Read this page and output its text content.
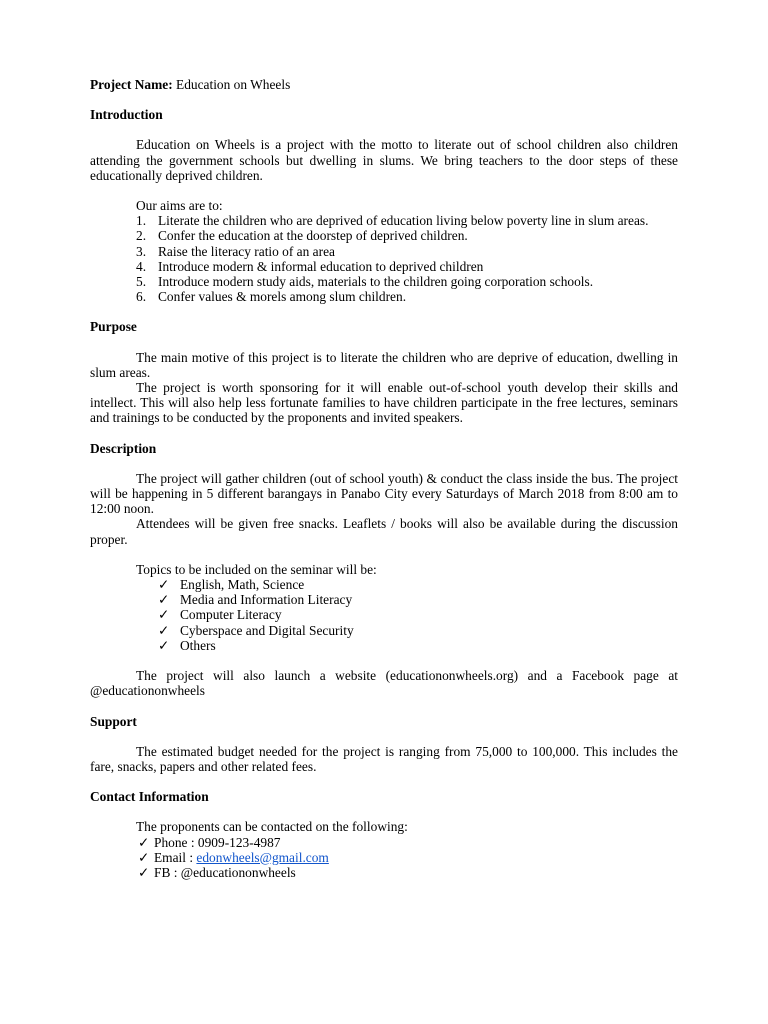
Project Name: Education on Wheels

Introduction

Education on Wheels is a project with the motto to literate out of school children also children attending the government schools but dwelling in slums. We bring teachers to the door steps of these educationally deprived children.

Our aims are to:

1. Literate the children who are deprived of education living below poverty line in slum areas.
2. Confer the education at the doorstep of deprived children.
3. Raise the literacy ratio of an area
4. Introduce modern & informal education to deprived children
5. Introduce modern study aids, materials to the children going corporation schools.
6. Confer values & morels among slum children.

Purpose

The main motive of this project is to literate the children who are deprive of education, dwelling in slum areas.

The project is worth sponsoring for it will enable out-of-school youth develop their skills and intellect. This will also help less fortunate families to have children participate in the free lectures, seminars and trainings to be conducted by the proponents and invited speakers.

Description

The project will gather children (out of school youth) & conduct the class inside the bus. The project will be happening in 5 different barangays in Panabo City every Saturdays of March 2018 from 8:00 am to 12:00 noon.

Attendees will be given free snacks. Leaflets / books will also be available during the discussion proper.

Topics to be included on the seminar will be:

✓ English, Math, Science
✓ Media and Information Literacy
✓ Computer Literacy
✓ Cyberspace and Digital Security
✓ Others

The project will also launch a website (educationonwheels.org) and a Facebook page at @educationonwheels

Support

The estimated budget needed for the project is ranging from 75,000 to 100,000. This includes the fare, snacks, papers and other related fees.

Contact Information

The proponents can be contacted on the following:

✓ Phone : 0909-123-4987
✓ Email : edonwheels@gmail.com
✓ FB : @educationonwheels
